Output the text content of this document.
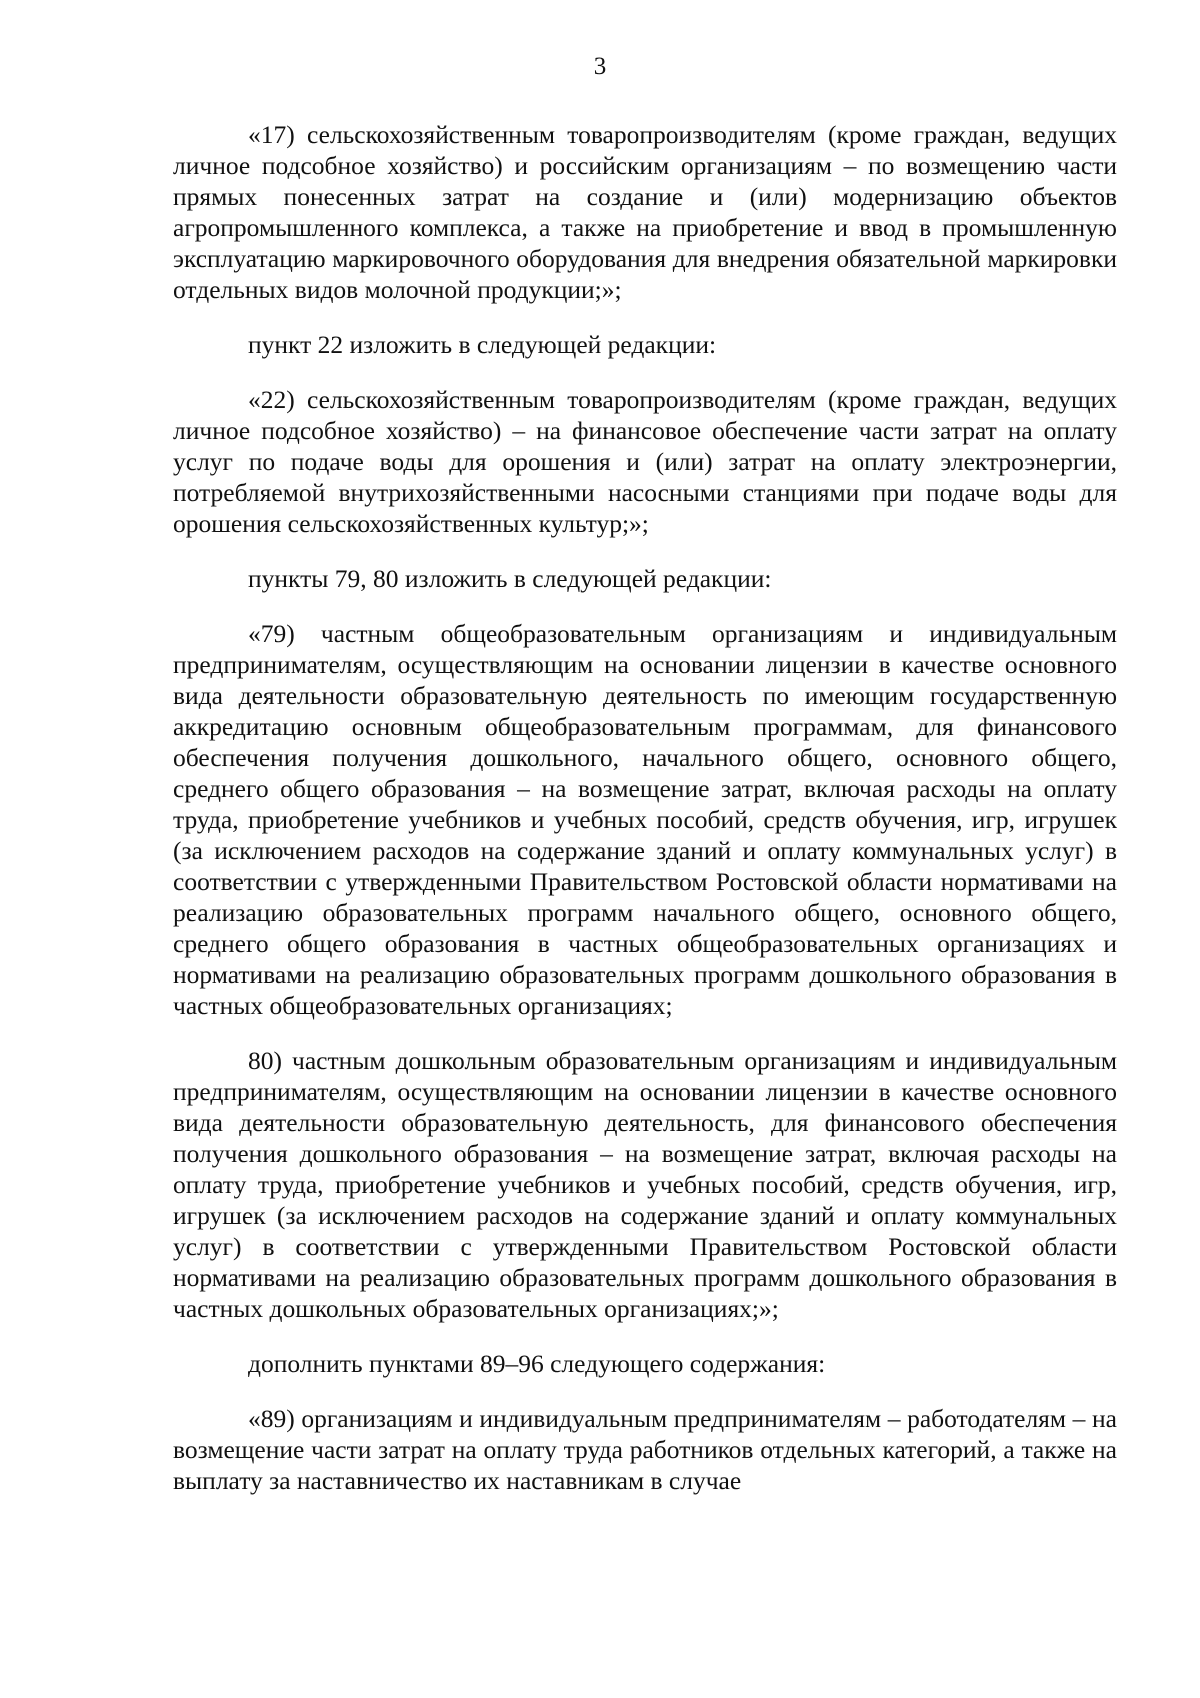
3

«17) сельскохозяйственным товаропроизводителям (кроме граждан, ведущих личное подсобное хозяйство) и российским организациям – по возмещению части прямых понесенных затрат на создание и (или) модернизацию объектов агропромышленного комплекса, а также на приобретение и ввод в промышленную эксплуатацию маркировочного оборудования для внедрения обязательной маркировки отдельных видов молочной продукции;»;

пункт 22 изложить в следующей редакции:

«22) сельскохозяйственным товаропроизводителям (кроме граждан, ведущих личное подсобное хозяйство) – на финансовое обеспечение части затрат на оплату услуг по подаче воды для орошения и (или) затрат на оплату электроэнергии, потребляемой внутрихозяйственными насосными станциями при подаче воды для орошения сельскохозяйственных культур;»;

пункты 79, 80 изложить в следующей редакции:

«79) частным общеобразовательным организациям и индивидуальным предпринимателям, осуществляющим на основании лицензии в качестве основного вида деятельности образовательную деятельность по имеющим государственную аккредитацию основным общеобразовательным программам, для финансового обеспечения получения дошкольного, начального общего, основного общего, среднего общего образования – на возмещение затрат, включая расходы на оплату труда, приобретение учебников и учебных пособий, средств обучения, игр, игрушек (за исключением расходов на содержание зданий и оплату коммунальных услуг) в соответствии с утвержденными Правительством Ростовской области нормативами на реализацию образовательных программ начального общего, основного общего, среднего общего образования в частных общеобразовательных организациях и нормативами на реализацию образовательных программ дошкольного образования в частных общеобразовательных организациях;

80) частным дошкольным образовательным организациям и индивидуальным предпринимателям, осуществляющим на основании лицензии в качестве основного вида деятельности образовательную деятельность, для финансового обеспечения получения дошкольного образования – на возмещение затрат, включая расходы на оплату труда, приобретение учебников и учебных пособий, средств обучения, игр, игрушек (за исключением расходов на содержание зданий и оплату коммунальных услуг) в соответствии с утвержденными Правительством Ростовской области нормативами на реализацию образовательных программ дошкольного образования в частных дошкольных образовательных организациях;»;

дополнить пунктами 89–96 следующего содержания:

«89) организациям и индивидуальным предпринимателям – работодателям – на возмещение части затрат на оплату труда работников отдельных категорий, а также на выплату за наставничество их наставникам в случае
